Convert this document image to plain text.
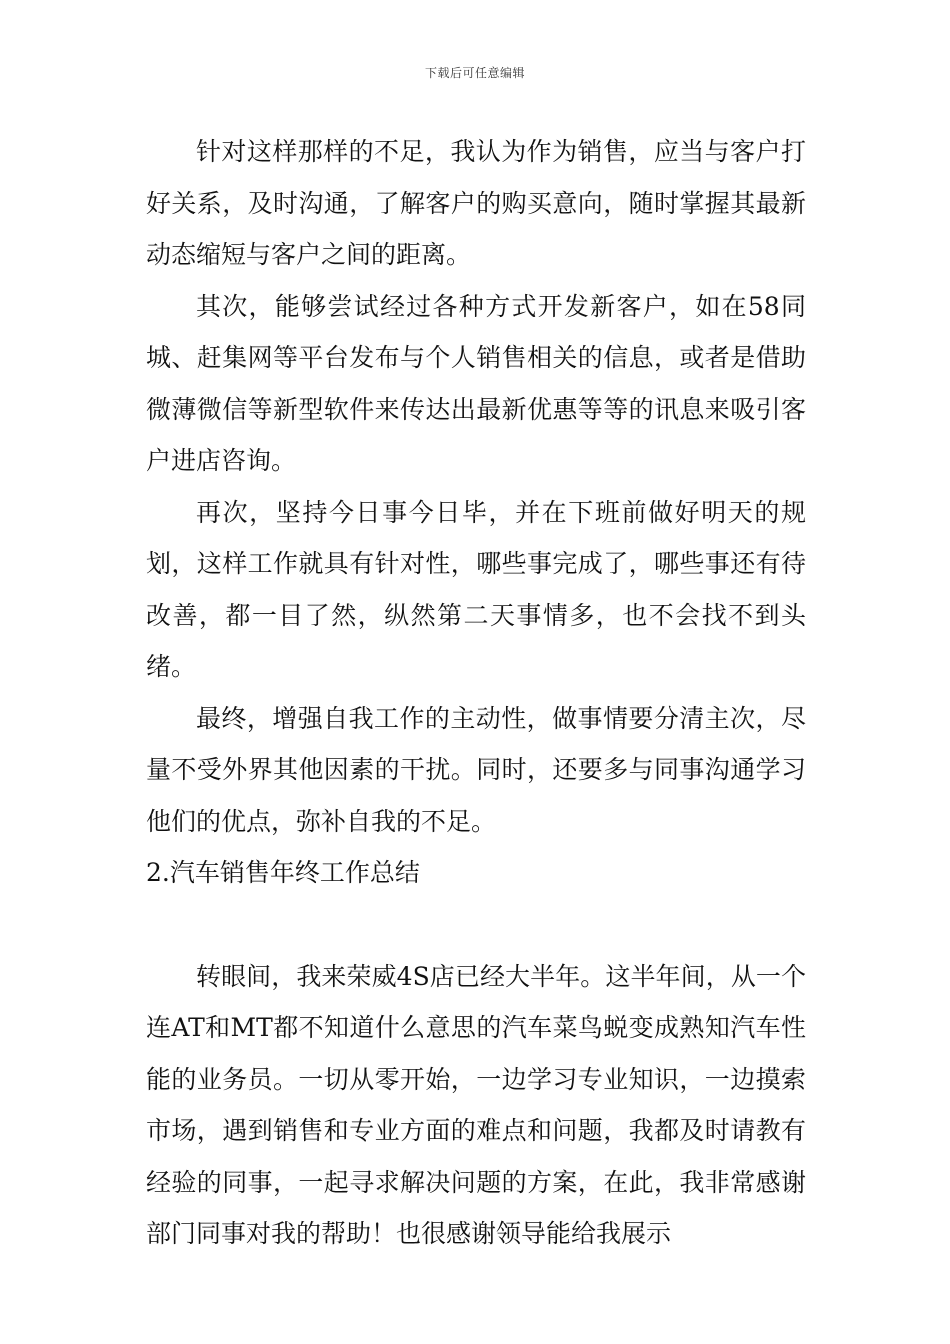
下载后可任意编辑

针对这样那样的不足，我认为作为销售，应当与客户打好关系，及时沟通，了解客户的购买意向，随时掌握其最新动态缩短与客户之间的距离。

其次，能够尝试经过各种方式开发新客户，如在58同城、赶集网等平台发布与个人销售相关的信息，或者是借助微薄微信等新型软件来传达出最新优惠等等的讯息来吸引客户进店咨询。

再次，坚持今日事今日毕，并在下班前做好明天的规划，这样工作就具有针对性，哪些事完成了，哪些事还有待改善，都一目了然，纵然第二天事情多，也不会找不到头绪。

最终，增强自我工作的主动性，做事情要分清主次，尽量不受外界其他因素的干扰。同时，还要多与同事沟通学习他们的优点，弥补自我的不足。

2.汽车销售年终工作总结

转眼间，我来荣威4S店已经大半年。这半年间，从一个连AT和MT都不知道什么意思的汽车菜鸟蜕变成熟知汽车性能的业务员。一切从零开始，一边学习专业知识，一边摸索市场，遇到销售和专业方面的难点和问题，我都及时请教有经验的同事，一起寻求解决问题的方案，在此，我非常感谢部门同事对我的帮助！也很感谢领导能给我展示
